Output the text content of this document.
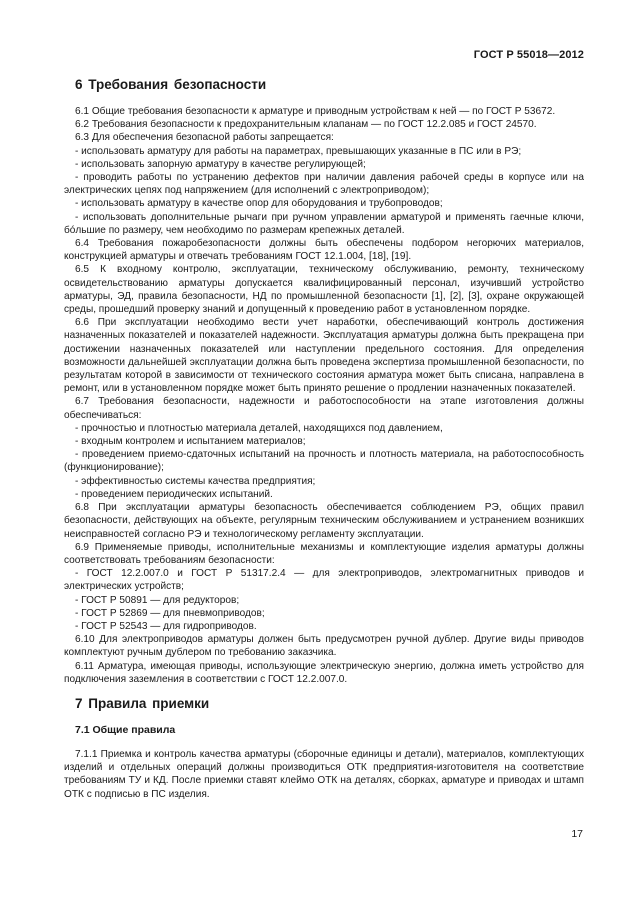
ГОСТ Р 55018—2012
6 Требования безопасности

6.1 Общие требования безопасности к арматуре и приводным устройствам к ней — по ГОСТ Р 53672.

6.2 Требования безопасности к предохранительным клапанам — по ГОСТ 12.2.085 и ГОСТ 24570.

6.3 Для обеспечения безопасной работы запрещается:

- использовать арматуру для работы на параметрах, превышающих указанные в ПС или в РЭ;

- использовать запорную арматуру в качестве регулирующей;

- проводить работы по устранению дефектов при наличии давления рабочей среды в корпусе или на электрических цепях под напряжением (для исполнений с электроприводом);

- использовать арматуру в качестве опор для оборудования и трубопроводов;

- использовать дополнительные рычаги при ручном управлении арматурой и применять гаечные ключи, бóльшие по размеру, чем необходимо по размерам крепежных деталей.

6.4 Требования пожаробезопасности должны быть обеспечены подбором негорючих материалов, конструкцией арматуры и отвечать требованиям ГОСТ 12.1.004, [18], [19].

6.5 К входному контролю, эксплуатации, техническому обслуживанию, ремонту, техническому освидетельствованию арматуры допускается квалифицированный персонал, изучивший устройство арматуры, ЭД, правила безопасности, НД по промышленной безопасности [1], [2], [3], охране окружающей среды, прошедший проверку знаний и допущенный к проведению работ в установленном порядке.

6.6 При эксплуатации необходимо вести учет наработки, обеспечивающий контроль достижения назначенных показателей и показателей надежности. Эксплуатация арматуры должна быть прекращена при достижении назначенных показателей или наступлении предельного состояния. Для определения возможности дальнейшей эксплуатации должна быть проведена экспертиза промышленной безопасности, по результатам которой в зависимости от технического состояния арматура может быть списана, направлена в ремонт, или в установленном порядке может быть принято решение о продлении назначенных показателей.

6.7 Требования безопасности, надежности и работоспособности на этапе изготовления должны обеспечиваться:

- прочностью и плотностью материала деталей, находящихся под давлением,

- входным контролем и испытанием материалов;

- проведением приемо-сдаточных испытаний на прочность и плотность материала, на работоспособность (функционирование);

- эффективностью системы качества предприятия;

- проведением периодических испытаний.

6.8 При эксплуатации арматуры безопасность обеспечивается соблюдением РЭ, общих правил безопасности, действующих на объекте, регулярным техническим обслуживанием и устранением возникших неисправностей согласно РЭ и технологическому регламенту эксплуатации.

6.9 Применяемые приводы, исполнительные механизмы и комплектующие изделия арматуры должны соответствовать требованиям безопасности:

- ГОСТ 12.2.007.0 и ГОСТ Р 51317.2.4 — для электроприводов, электромагнитных приводов и электрических устройств;

- ГОСТ Р 50891 — для редукторов;

- ГОСТ Р 52869 — для пневмоприводов;

- ГОСТ Р 52543 — для гидроприводов.

6.10 Для электроприводов арматуры должен быть предусмотрен ручной дублер. Другие виды приводов комплектуют ручным дублером по требованию заказчика.

6.11 Арматура, имеющая приводы, использующие электрическую энергию, должна иметь устройство для подключения заземления в соответствии с ГОСТ 12.2.007.0.

7 Правила приемки
7.1 Общие правила

7.1.1 Приемка и контроль качества арматуры (сборочные единицы и детали), материалов, комплектующих изделий и отдельных операций должны производиться ОТК предприятия-изготовителя на соответствие требованиям ТУ и КД. После приемки ставят клеймо ОТК на деталях, сборках, арматуре и приводах и штамп ОТК с подписью в ПС изделия.

17
